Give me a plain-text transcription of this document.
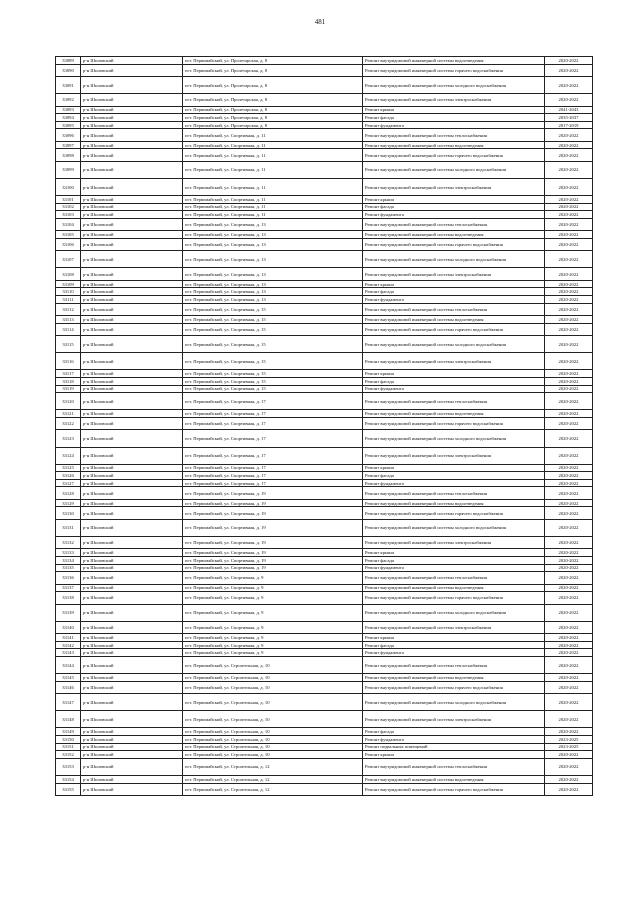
481
33089	р-н Шиловский	пгт. Первомайский, ул. Пролетарская, д. 8	Ремонт внутридомовой инженерной системы водоотведения	2020-2022
33090	р-н Шиловский	пгт. Первомайский, ул. Пролетарская, д. 8	Ремонт внутридомовой инженерной системы горячего водоснабжения	2020-2022
33091	р-н Шиловский	пгт. Первомайский, ул. Пролетарская, д. 8	Ремонт внутридомовой инженерной системы холодного водоснабжения	2020-2022
33092	р-н Шиловский	пгт. Первомайский, ул. Пролетарская, д. 8	Ремонт внутридомовой инженерной системы электроснабжения	2020-2022
33093	р-н Шиловский	пгт. Первомайский, ул. Пролетарская, д. 8	Ремонт крыши	2041-2043
33094	р-н Шиловский	пгт. Первомайский, ул. Пролетарская, д. 8	Ремонт фасада	2035-2037
33095	р-н Шиловский	пгт. Первомайский, ул. Пролетарская, д. 8	Ремонт фундамента	2017-2019
33096	р-н Шиловский	пгт. Первомайский, ул. Спортивная, д. 11	Ремонт внутридомовой инженерной системы теплоснабжения	2020-2022
33097	р-н Шиловский	пгт. Первомайский, ул. Спортивная, д. 11	Ремонт внутридомовой инженерной системы водоотведения	2020-2022
33098	р-н Шиловский	пгт. Первомайский, ул. Спортивная, д. 11	Ремонт внутридомовой инженерной системы горячего водоснабжения	2020-2022
33099	р-н Шиловский	пгт. Первомайский, ул. Спортивная, д. 11	Ремонт внутридомовой инженерной системы холодного водоснабжения	2020-2022
33100	р-н Шиловский	пгт. Первомайский, ул. Спортивная, д. 11	Ремонт внутридомовой инженерной системы электроснабжения	2020-2022
33101	р-н Шиловский	пгт. Первомайский, ул. Спортивная, д. 11	Ремонт крыши	2020-2022
33102	р-н Шиловский	пгт. Первомайский, ул. Спортивная, д. 11	Ремонт фасада	2020-2022
33103	р-н Шиловский	пгт. Первомайский, ул. Спортивная, д. 11	Ремонт фундамента	2020-2022
33104	р-н Шиловский	пгт. Первомайский, ул. Спортивная, д. 13	Ремонт внутридомовой инженерной системы теплоснабжения	2020-2022
33105	р-н Шиловский	пгт. Первомайский, ул. Спортивная, д. 13	Ремонт внутридомовой инженерной системы водоотведения	2020-2022
33106	р-н Шиловский	пгт. Первомайский, ул. Спортивная, д. 13	Ремонт внутридомовой инженерной системы горячего водоснабжения	2020-2022
33107	р-н Шиловский	пгт. Первомайский, ул. Спортивная, д. 13	Ремонт внутридомовой инженерной системы холодного водоснабжения	2020-2022
33108	р-н Шиловский	пгт. Первомайский, ул. Спортивная, д. 13	Ремонт внутридомовой инженерной системы электроснабжения	2020-2022
33109	р-н Шиловский	пгт. Первомайский, ул. Спортивная, д. 13	Ремонт крыши	2020-2022
33110	р-н Шиловский	пгт. Первомайский, ул. Спортивная, д. 13	Ремонт фасада	2020-2022
33111	р-н Шиловский	пгт. Первомайский, ул. Спортивная, д. 13	Ремонт фундамента	2020-2022
33112	р-н Шиловский	пгт. Первомайский, ул. Спортивная, д. 15	Ремонт внутридомовой инженерной системы теплоснабжения	2020-2022
33113	р-н Шиловский	пгт. Первомайский, ул. Спортивная, д. 15	Ремонт внутридомовой инженерной системы водоотведения	2020-2022
33114	р-н Шиловский	пгт. Первомайский, ул. Спортивная, д. 15	Ремонт внутридомовой инженерной системы горячего водоснабжения	2020-2022
33115	р-н Шиловский	пгт. Первомайский, ул. Спортивная, д. 15	Ремонт внутридомовой инженерной системы холодного водоснабжения	2020-2022
33116	р-н Шиловский	пгт. Первомайский, ул. Спортивная, д. 15	Ремонт внутридомовой инженерной системы электроснабжения	2020-2022
33117	р-н Шиловский	пгт. Первомайский, ул. Спортивная, д. 15	Ремонт крыши	2020-2022
33118	р-н Шиловский	пгт. Первомайский, ул. Спортивная, д. 15	Ремонт фасада	2020-2022
33119	р-н Шиловский	пгт. Первомайский, ул. Спортивная, д. 15	Ремонт фундамента	2020-2022
33120	р-н Шиловский	пгт. Первомайский, ул. Спортивная, д. 17	Ремонт внутридомовой инженерной системы теплоснабжения	2020-2022
33121	р-н Шиловский	пгт. Первомайский, ул. Спортивная, д. 17	Ремонт внутридомовой инженерной системы водоотведения	2020-2022
33122	р-н Шиловский	пгт. Первомайский, ул. Спортивная, д. 17	Ремонт внутридомовой инженерной системы горячего водоснабжения	2020-2022
33123	р-н Шиловский	пгт. Первомайский, ул. Спортивная, д. 17	Ремонт внутридомовой инженерной системы холодного водоснабжения	2020-2022
33124	р-н Шиловский	пгт. Первомайский, ул. Спортивная, д. 17	Ремонт внутридомовой инженерной системы электроснабжения	2020-2022
33125	р-н Шиловский	пгт. Первомайский, ул. Спортивная, д. 17	Ремонт крыши	2020-2022
33126	р-н Шиловский	пгт. Первомайский, ул. Спортивная, д. 17	Ремонт фасада	2020-2022
33127	р-н Шиловский	пгт. Первомайский, ул. Спортивная, д. 17	Ремонт фундамента	2020-2022
33128	р-н Шиловский	пгт. Первомайский, ул. Спортивная, д. 19	Ремонт внутридомовой инженерной системы теплоснабжения	2020-2022
33129	р-н Шиловский	пгт. Первомайский, ул. Спортивная, д. 19	Ремонт внутридомовой инженерной системы водоотведения	2020-2022
33130	р-н Шиловский	пгт. Первомайский, ул. Спортивная, д. 19	Ремонт внутридомовой инженерной системы горячего водоснабжения	2020-2022
33131	р-н Шиловский	пгт. Первомайский, ул. Спортивная, д. 19	Ремонт внутридомовой инженерной системы холодного водоснабжения	2020-2022
33132	р-н Шиловский	пгт. Первомайский, ул. Спортивная, д. 19	Ремонт внутридомовой инженерной системы электроснабжения	2020-2022
33133	р-н Шиловский	пгт. Первомайский, ул. Спортивная, д. 19	Ремонт крыши	2020-2022
33134	р-н Шиловский	пгт. Первомайский, ул. Спортивная, д. 19	Ремонт фасада	2020-2022
33135	р-н Шиловский	пгт. Первомайский, ул. Спортивная, д. 19	Ремонт фундамента	2020-2022
33136	р-н Шиловский	пгт. Первомайский, ул. Спортивная, д. 9	Ремонт внутридомовой инженерной системы теплоснабжения	2020-2022
33137	р-н Шиловский	пгт. Первомайский, ул. Спортивная, д. 9	Ремонт внутридомовой инженерной системы водоотведения	2020-2022
33138	р-н Шиловский	пгт. Первомайский, ул. Спортивная, д. 9	Ремонт внутридомовой инженерной системы горячего водоснабжения	2020-2022
33139	р-н Шиловский	пгт. Первомайский, ул. Спортивная, д. 9	Ремонт внутридомовой инженерной системы холодного водоснабжения	2020-2022
33140	р-н Шиловский	пгт. Первомайский, ул. Спортивная, д. 9	Ремонт внутридомовой инженерной системы электроснабжения	2020-2022
33141	р-н Шиловский	пгт. Первомайский, ул. Спортивная, д. 9	Ремонт крыши	2020-2022
33142	р-н Шиловский	пгт. Первомайский, ул. Спортивная, д. 9	Ремонт фасада	2020-2022
33143	р-н Шиловский	пгт. Первомайский, ул. Спортивная, д. 9	Ремонт фундамента	2020-2022
33144	р-н Шиловский	пгт. Первомайский, ул. Строительная, д. 10	Ремонт внутридомовой инженерной системы теплоснабжения	2020-2022
33145	р-н Шиловский	пгт. Первомайский, ул. Строительная, д. 10	Ремонт внутридомовой инженерной системы водоотведения	2020-2022
33146	р-н Шиловский	пгт. Первомайский, ул. Строительная, д. 10	Ремонт внутридомовой инженерной системы горячего водоснабжения	2020-2022
33147	р-н Шиловский	пгт. Первомайский, ул. Строительная, д. 10	Ремонт внутридомовой инженерной системы холодного водоснабжения	2020-2022
33148	р-н Шиловский	пгт. Первомайский, ул. Строительная, д. 10	Ремонт внутридомовой инженерной системы электроснабжения	2020-2022
33149	р-н Шиловский	пгт. Первомайский, ул. Строительная, д. 10	Ремонт фасада	2020-2022
33150	р-н Шиловский	пгт. Первомайский, ул. Строительная, д. 10	Ремонт фундамента	2023-2025
33151	р-н Шиловский	пгт. Первомайский, ул. Строительная, д. 10	Ремонт подвальных помещений	2023-2025
33152	р-н Шиловский	пгт. Первомайский, ул. Строительная, д. 10	Ремонт крыши	2020-2022
33153	р-н Шиловский	пгт. Первомайский, ул. Строительная, д. 12	Ремонт внутридомовой инженерной системы теплоснабжения	2020-2022
33154	р-н Шиловский	пгт. Первомайский, ул. Строительная, д. 12	Ремонт внутридомовой инженерной системы водоотведения	2020-2022
33155	р-н Шиловский	пгт. Первомайский, ул. Строительная, д. 12	Ремонт внутридомовой инженерной системы горячего водоснабжения	2020-2022
